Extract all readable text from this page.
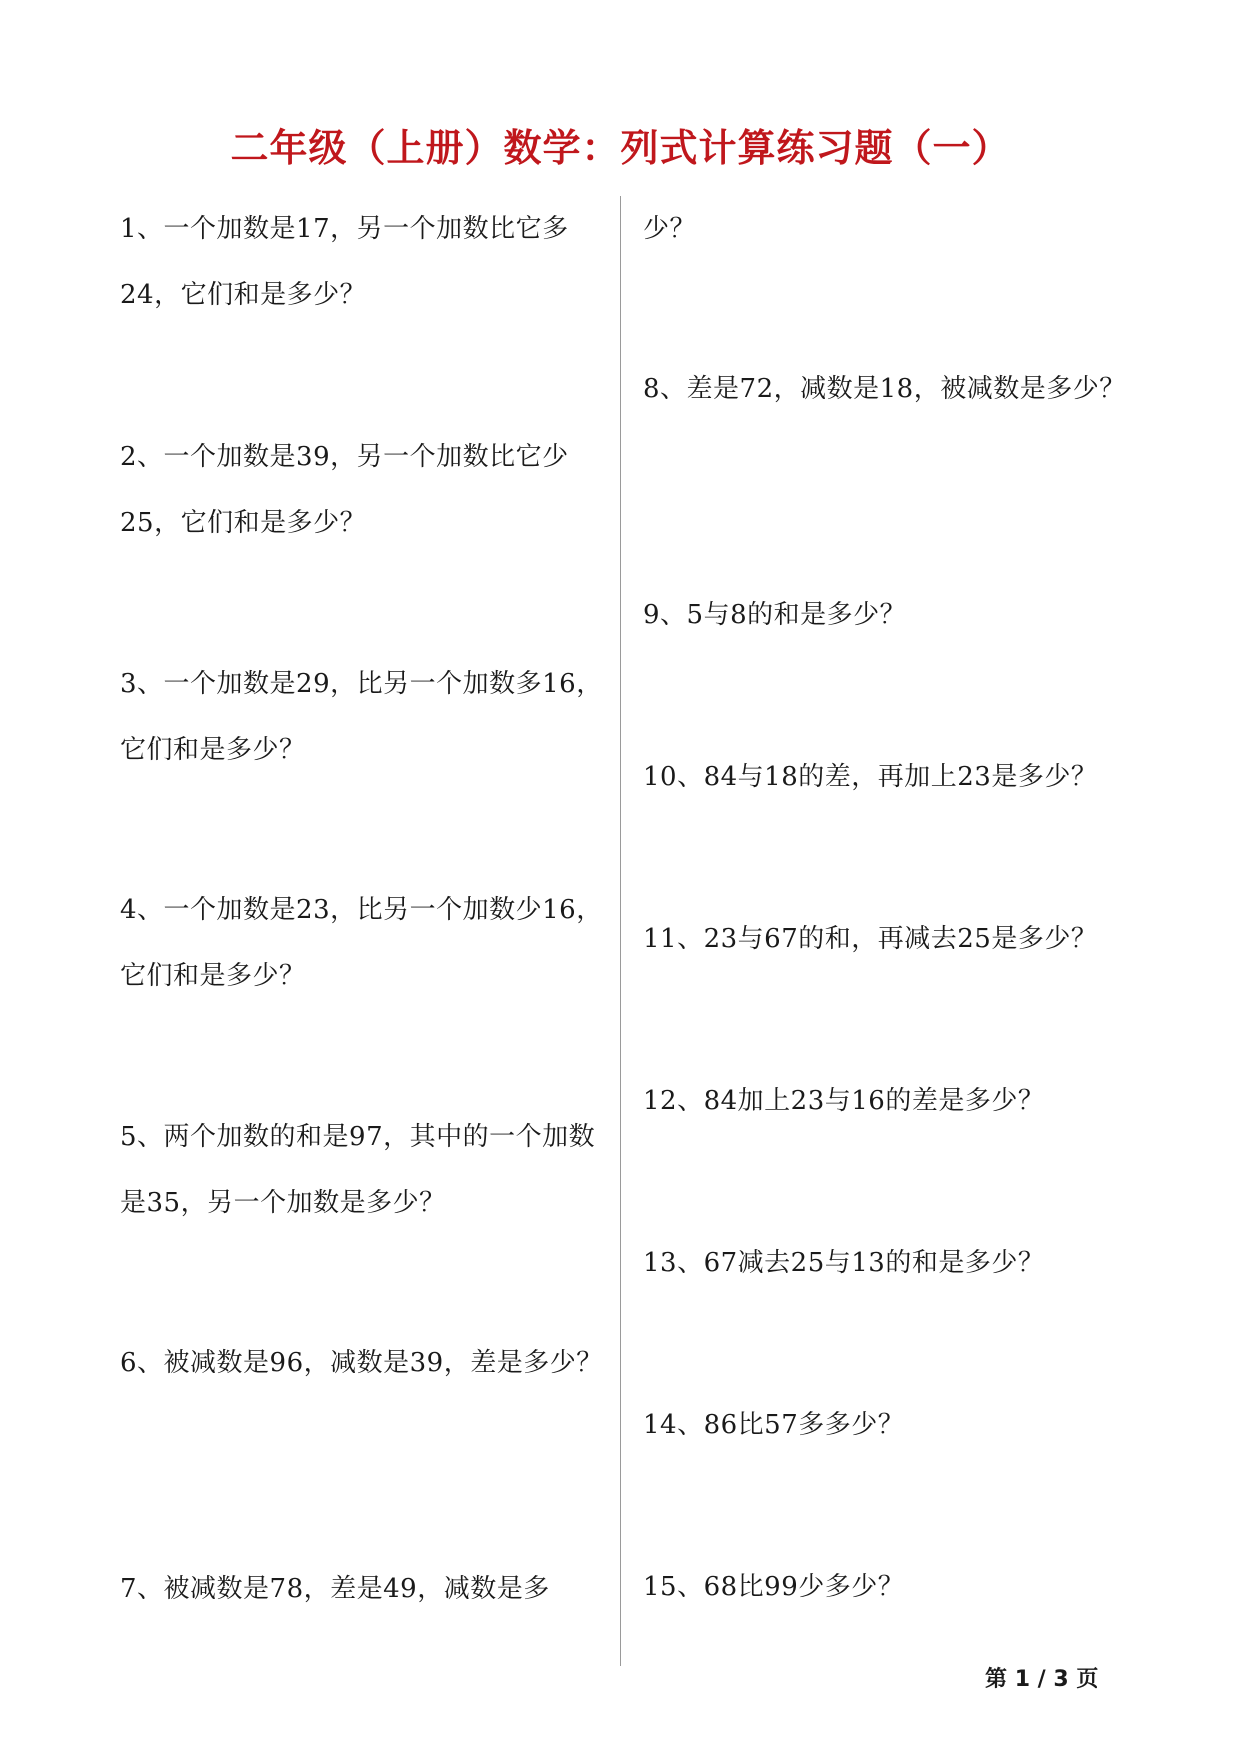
二年级（上册）数学：列式计算练习题（一）
1、一个加数是17，另一个加数比它多24，它们和是多少？
2、一个加数是39，另一个加数比它少25，它们和是多少？
3、一个加数是29，比另一个加数多16，它们和是多少？
4、一个加数是23，比另一个加数少16，它们和是多少？
5、两个加数的和是97，其中的一个加数是35，另一个加数是多少？
6、被减数是96，减数是39，差是多少？
7、被减数是78，差是49，减数是多
少？
8、差是72，减数是18，被减数是多少？
9、5与8的和是多少？
10、84与18的差，再加上23是多少？
11、23与67的和，再减去25是多少？
12、84加上23与16的差是多少？
13、67减去25与13的和是多少？
14、86比57多多少？
15、68比99少多少？
第 1 / 3 页
